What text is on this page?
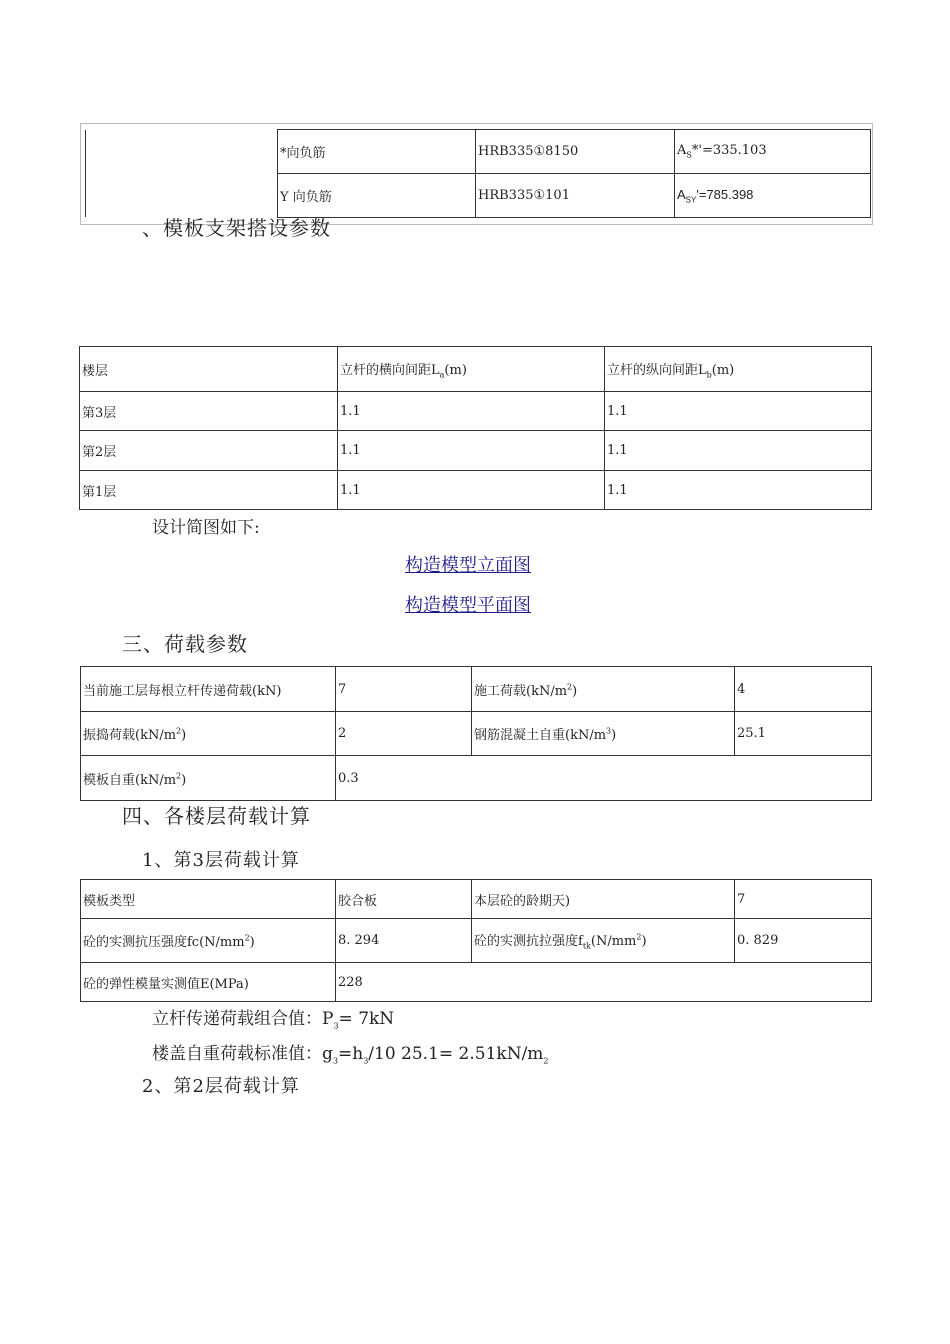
*向负筋	HRB335①8150	$A_S*'=335.103$
Y 向负筋	HRB335①101	$A_{SY}'=785.398$
、模板支架搭设参数
楼层	立杆的横向间距$L_a(m)$	立杆的纵向间距$L_b(m)$
第3层	1.1	1.1
第2层	1.1	1.1
第1层	1.1	1.1
设计简图如下:
构造模型立面图
构造模型平面图
三、荷载参数
当前施工层每根立杆传递荷载(kN)	7	施工荷载$(kN/m^2)$	4
振捣荷载$(kN/m^2)$	2	钢筋混凝土自重$(kN/m^3)$	25.1
模板自重$(kN/m^2)$	0.3		
四、各楼层荷载计算
1、第3层荷载计算
模板类型	胶合板	本层砼的龄期天)	7
砼的实测抗压强度$fc(N/mm^2)$	8. 294	砼的实测抗拉强度$f_{tk}(N/mm^2)$	0. 829
砼的弹性模量实测值E(MPa)	228		
立杆传递荷载组合值：$P_3= 7kN$
楼盖自重荷载标准值：$g_3=h_3/10$ $25.1= 2.51kN/m_2$
2、第2层荷载计算
